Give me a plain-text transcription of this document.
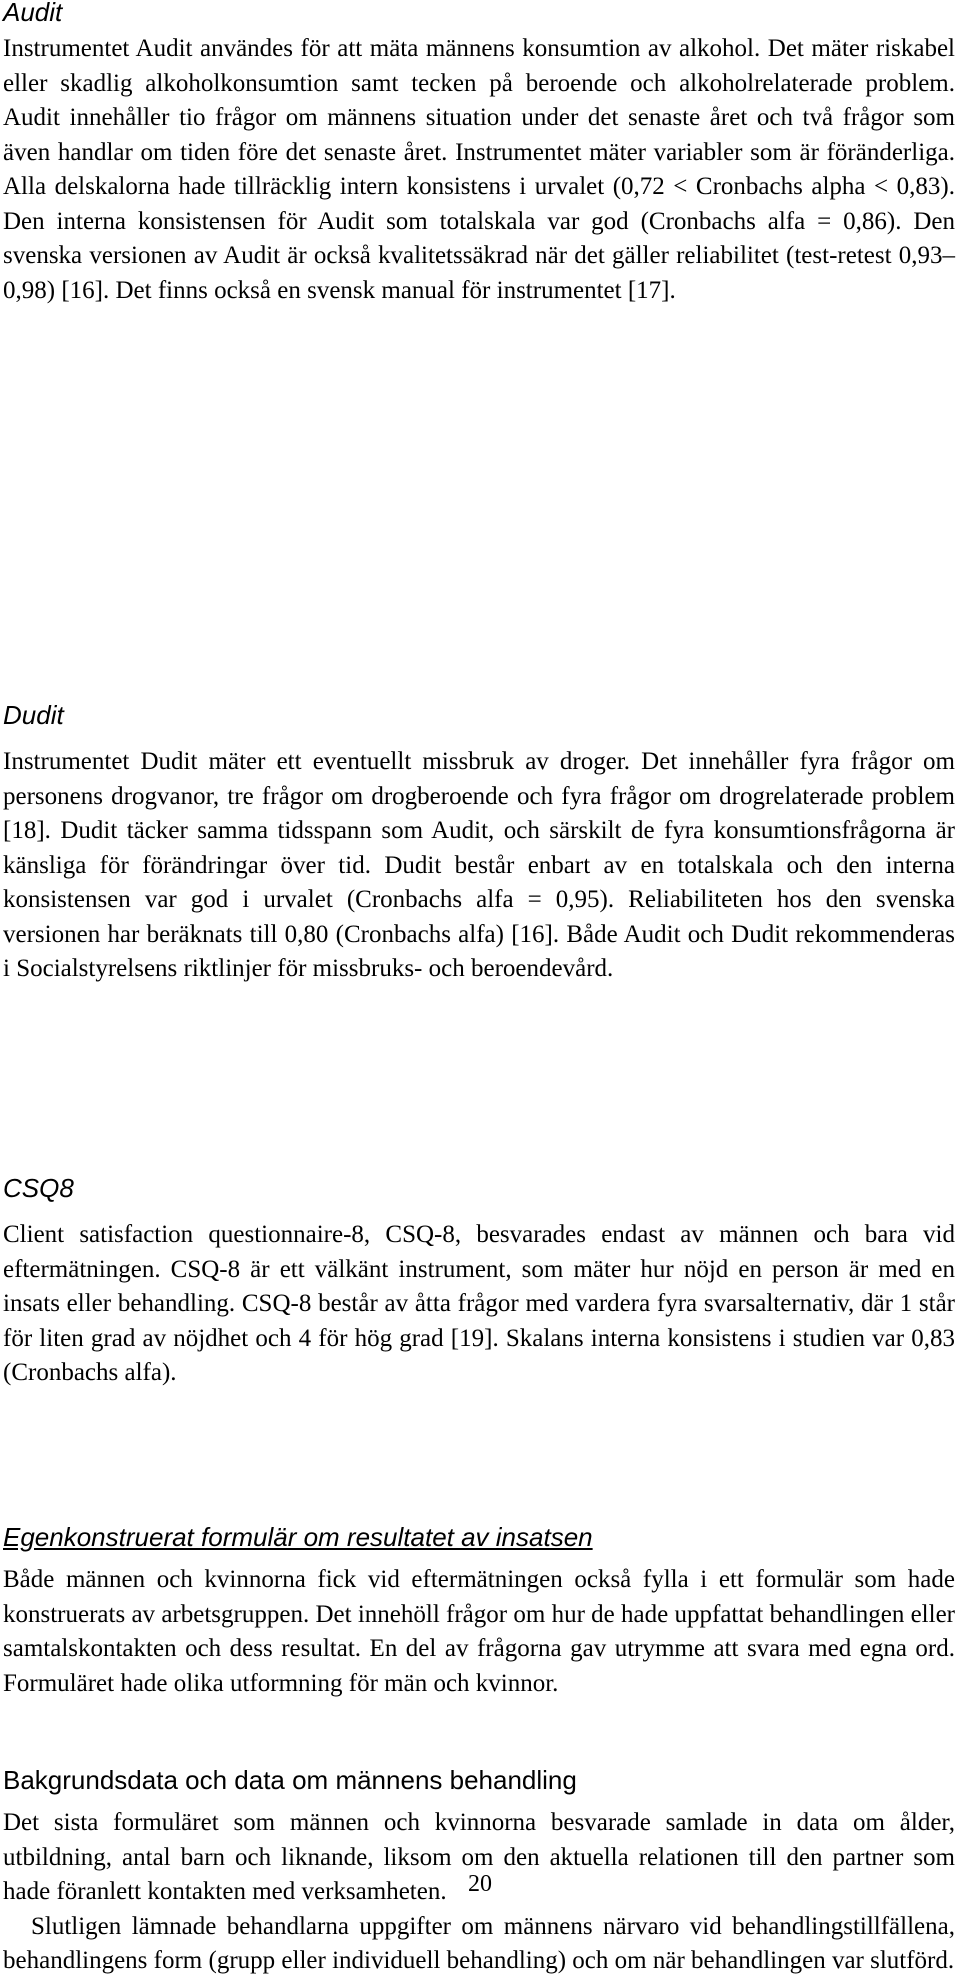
Audit

Instrumentet Audit användes för att mäta männens konsumtion av alkohol. Det mäter riskabel eller skadlig alkoholkonsumtion samt tecken på beroende och alkoholrelaterade problem. Audit innehåller tio frågor om männens situation under det senaste året och två frågor som även handlar om tiden före det senaste året. Instrumentet mäter variabler som är föränderliga. Alla delskalorna hade tillräcklig intern konsistens i urvalet (0,72 < Cronbachs alpha < 0,83). Den interna konsistensen för Audit som totalskala var god (Cronbachs alfa = 0,86). Den svenska versionen av Audit är också kvalitetssäkrad när det gäller reliabilitet (test-retest 0,93–0,98) [16]. Det finns också en svensk manual för instrumentet [17].

Dudit

Instrumentet Dudit mäter ett eventuellt missbruk av droger. Det innehåller fyra frågor om personens drogvanor, tre frågor om drogberoende och fyra frågor om drogrelaterade problem [18]. Dudit täcker samma tidsspann som Audit, och särskilt de fyra konsumtionsfrågorna är känsliga för förändringar över tid. Dudit består enbart av en totalskala och den interna konsistensen var god i urvalet (Cronbachs alfa = 0,95). Reliabiliteten hos den svenska versionen har beräknats till 0,80 (Cronbachs alfa) [16]. Både Audit och Dudit rekommenderas i Socialstyrelsens riktlinjer för missbruks- och beroendevård.

CSQ8

Client satisfaction questionnaire-8, CSQ-8, besvarades endast av männen och bara vid eftermätningen. CSQ-8 är ett välkänt instrument, som mäter hur nöjd en person är med en insats eller behandling. CSQ-8 består av åtta frågor med vardera fyra svarsalternativ, där 1 står för liten grad av nöjdhet och 4 för hög grad [19]. Skalans interna konsistens i studien var 0,83 (Cronbachs alfa).

Egenkonstruerat formulär om resultatet av insatsen

Både männen och kvinnorna fick vid eftermätningen också fylla i ett formulär som hade konstruerats av arbetsgruppen. Det innehöll frågor om hur de hade uppfattat behandlingen eller samtalskontakten och dess resultat. En del av frågorna gav utrymme att svara med egna ord. Formuläret hade olika utformning för män och kvinnor.

Bakgrundsdata och data om männens behandling

Det sista formuläret som männen och kvinnorna besvarade samlade in data om ålder, utbildning, antal barn och liknande, liksom om den aktuella relationen till den partner som hade föranlett kontakten med verksamheten.

Slutligen lämnade behandlarna uppgifter om männens närvaro vid behandlingstillfällena, behandlingens form (grupp eller individuell behandling) och om när behandlingen var slutförd.

20
